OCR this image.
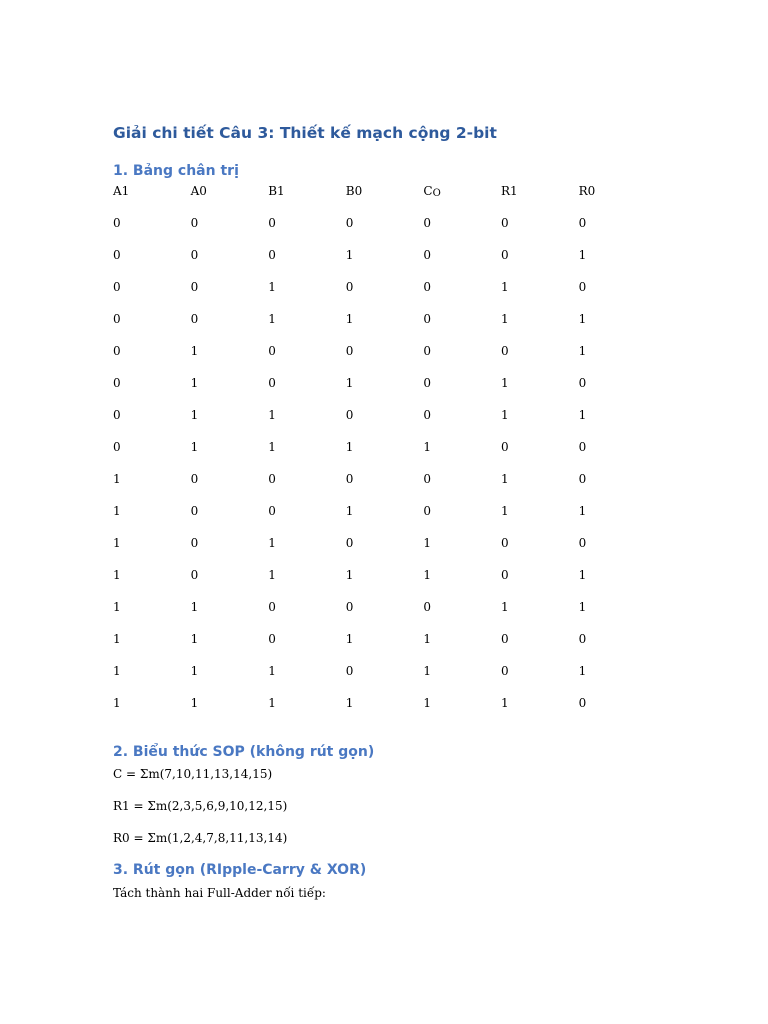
Giải chi tiết Câu 3: Thiết kế mạch cộng 2-bit
1. Bảng chân trị
A1	A0	B1	B0	CO	R1	R0
0	0	0	0	0	0	0
0	0	0	1	0	0	1
0	0	1	0	0	1	0
0	0	1	1	0	1	1
0	1	0	0	0	0	1
0	1	0	1	0	1	0
0	1	1	0	0	1	1
0	1	1	1	1	0	0
1	0	0	0	0	1	0
1	0	0	1	0	1	1
1	0	1	0	1	0	0
1	0	1	1	1	0	1
1	1	0	0	0	1	1
1	1	0	1	1	0	0
1	1	1	0	1	0	1
1	1	1	1	1	1	0
2. Biểu thức SOP (không rút gọn)
C = Σm(7,10,11,13,14,15)
R1 = Σm(2,3,5,6,9,10,12,15)
R0 = Σm(1,2,4,7,8,11,13,14)
3. Rút gọn (RIpple-Carry & XOR)
Tách thành hai Full-Adder nối tiếp:
